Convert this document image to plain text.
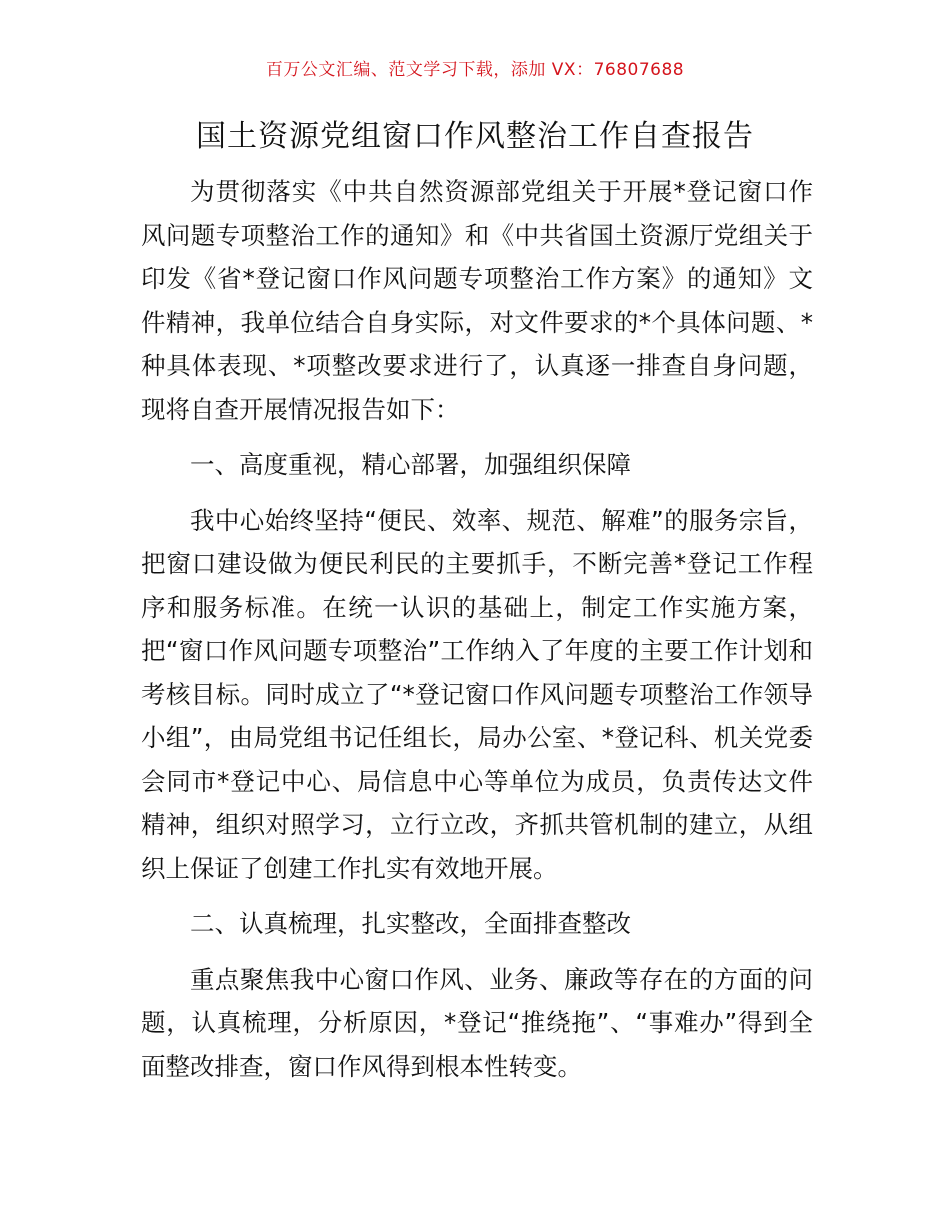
百万公文汇编、范文学习下载，添加 VX：76807688
国土资源党组窗口作风整治工作自查报告

为贯彻落实《中共自然资源部党组关于开展*登记窗口作风问题专项整治工作的通知》和《中共省国土资源厅党组关于印发《省*登记窗口作风问题专项整治工作方案》的通知》文件精神，我单位结合自身实际，对文件要求的*个具体问题、*种具体表现、*项整改要求进行了，认真逐一排查自身问题，现将自查开展情况报告如下：

一、高度重视，精心部署，加强组织保障

我中心始终坚持“便民、效率、规范、解难”的服务宗旨，把窗口建设做为便民利民的主要抓手，不断完善*登记工作程序和服务标准。在统一认识的基础上，制定工作实施方案，把“窗口作风问题专项整治”工作纳入了年度的主要工作计划和考核目标。同时成立了“*登记窗口作风问题专项整治工作领导小组”，由局党组书记任组长，局办公室、*登记科、机关党委会同市*登记中心、局信息中心等单位为成员，负责传达文件精神，组织对照学习，立行立改，齐抓共管机制的建立，从组织上保证了创建工作扎实有效地开展。

二、认真梳理，扎实整改，全面排查整改

重点聚焦我中心窗口作风、业务、廉政等存在的方面的问题，认真梳理，分析原因，*登记“推绕拖”、“事难办”得到全面整改排查，窗口作风得到根本性转变。
